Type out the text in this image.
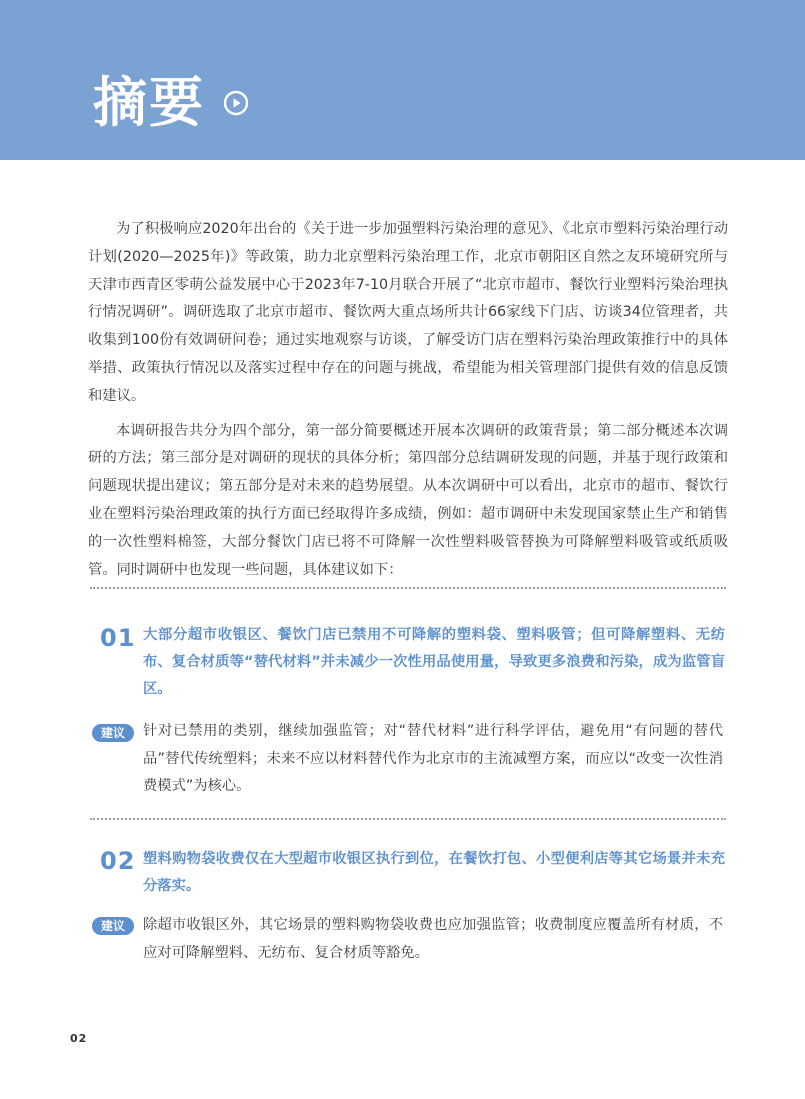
摘要

为了积极响应2020年出台的《关于进一步加强塑料污染治理的意见》、《北京市塑料污染治理行动计划(2020—2025年)》等政策，助力北京塑料污染治理工作，北京市朝阳区自然之友环境研究所与天津市西青区零萌公益发展中心于2023年7-10月联合开展了“北京市超市、餐饮行业塑料污染治理执行情况调研”。调研选取了北京市超市、餐饮两大重点场所共计66家线下门店、访谈34位管理者，共收集到100份有效调研问卷；通过实地观察与访谈，了解受访门店在塑料污染治理政策推行中的具体举措、政策执行情况以及落实过程中存在的问题与挑战，希望能为相关管理部门提供有效的信息反馈和建议。

本调研报告共分为四个部分，第一部分简要概述开展本次调研的政策背景；第二部分概述本次调研的方法；第三部分是对调研的现状的具体分析；第四部分总结调研发现的问题，并基于现行政策和问题现状提出建议；第五部分是对未来的趋势展望。从本次调研中可以看出，北京市的超市、餐饮行业在塑料污染治理政策的执行方面已经取得许多成绩，例如：超市调研中未发现国家禁止生产和销售的一次性塑料棉签，大部分餐饮门店已将不可降解一次性塑料吸管替换为可降解塑料吸管或纸质吸管。同时调研中也发现一些问题，具体建议如下：

01 大部分超市收银区、餐饮门店已禁用不可降解的塑料袋、塑料吸管；但可降解塑料、无纺布、复合材质等“替代材料”并未减少一次性用品使用量，导致更多浪费和污染，成为监管盲区。
建议	针对已禁用的类别，继续加强监管；对“替代材料”进行科学评估，避免用“有问题的替代品”替代传统塑料；未来不应以材料替代作为北京市的主流减塑方案，而应以“改变一次性消费模式”为核心。
02 塑料购物袋收费仅在大型超市收银区执行到位，在餐饮打包、小型便利店等其它场景并未充分落实。
建议	除超市收银区外，其它场景的塑料购物袋收费也应加强监管；收费制度应覆盖所有材质，不应对可降解塑料、无纺布、复合材质等豁免。
02
